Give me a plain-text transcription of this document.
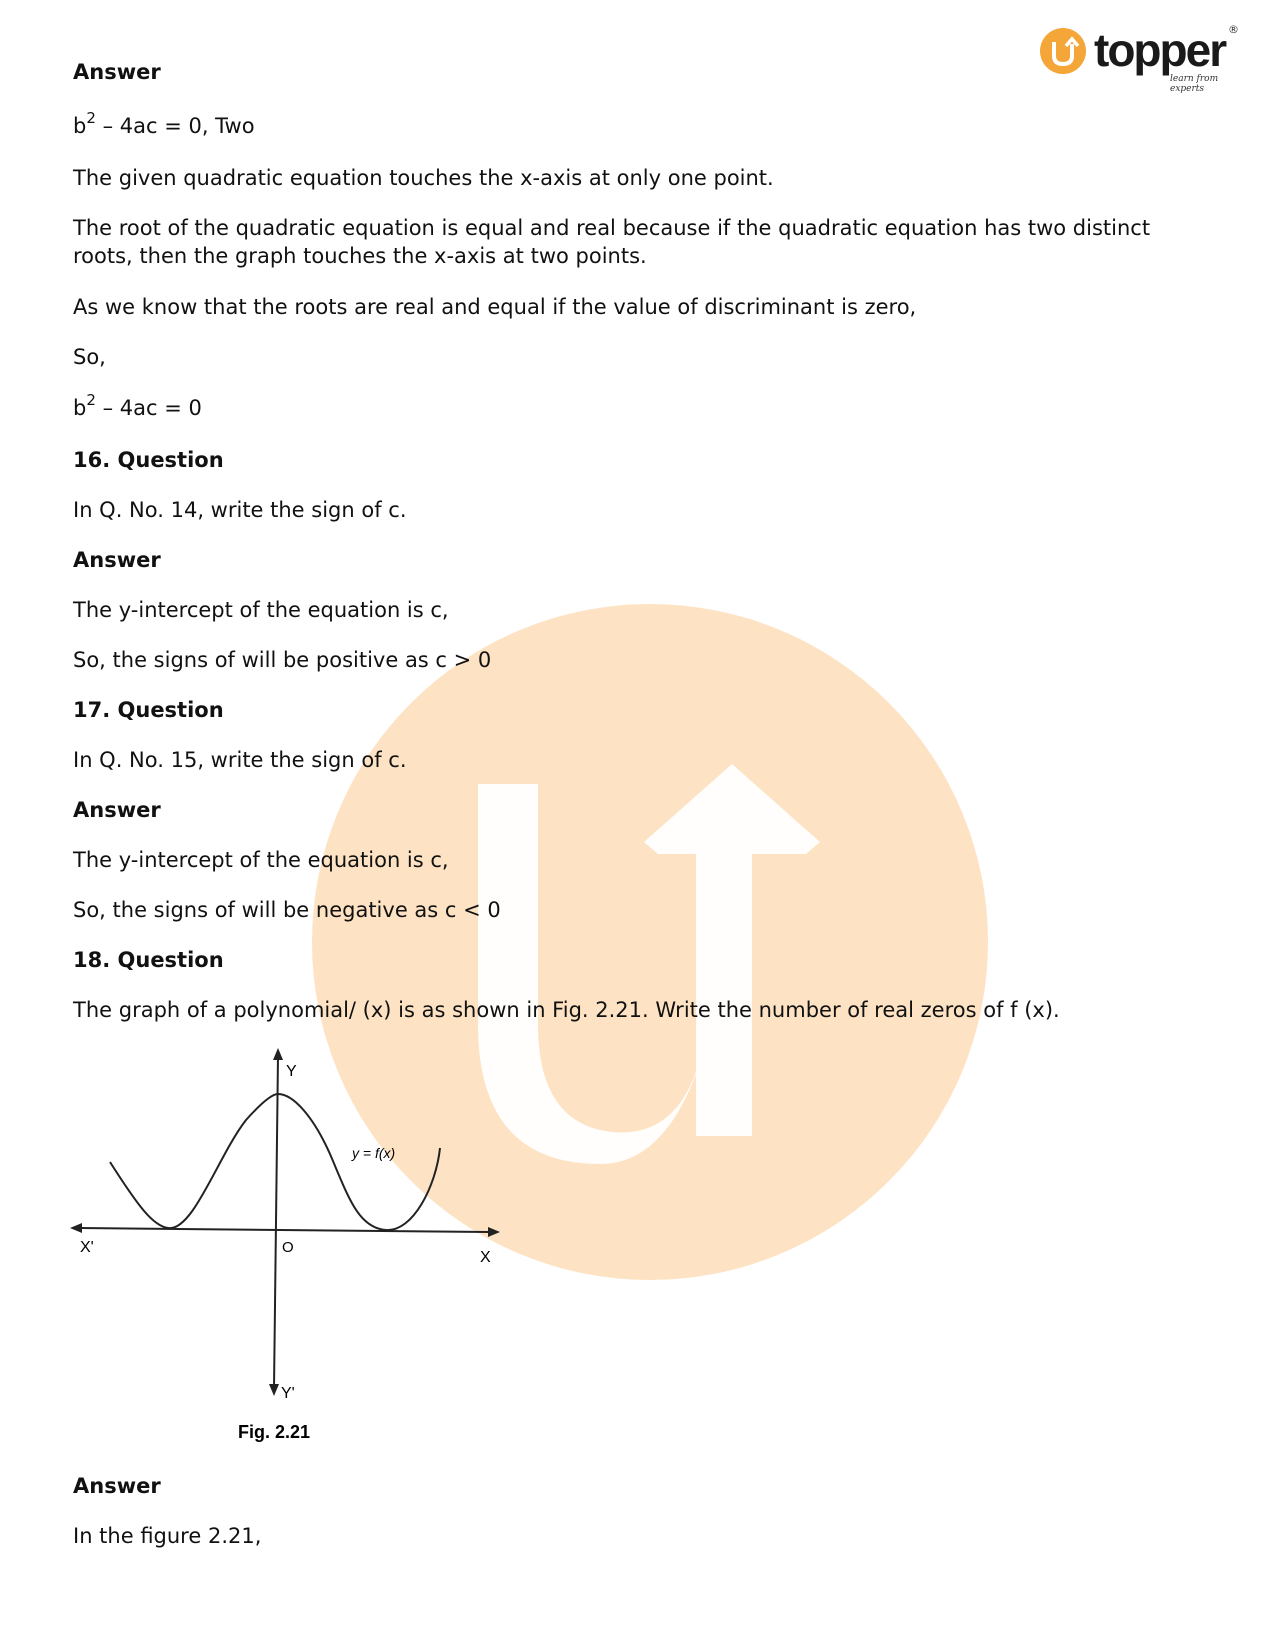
topper ®
learn from experts

Answer

$b^2 - 4ac = 0$, Two

The given quadratic equation touches the x-axis at only one point.

The root of the quadratic equation is equal and real because if the quadratic equation has two distinct roots, then the graph touches the x-axis at two points.

As we know that the roots are real and equal if the value of discriminant is zero,

So,

$b^2 - 4ac = 0$

16. Question

In Q. No. 14, write the sign of c.

Answer

The y-intercept of the equation is c,

So, the signs of will be positive as c > 0

17. Question

In Q. No. 15, write the sign of c.

Answer

The y-intercept of the equation is c,

So, the signs of will be negative as c < 0

18. Question

The graph of a polynomial/ (x) is as shown in Fig. 2.21. Write the number of real zeros of f (x).

Answer

In the figure 2.21,

Y
Y'
X
X'	O
y = f(x)
Fig. 2.21
